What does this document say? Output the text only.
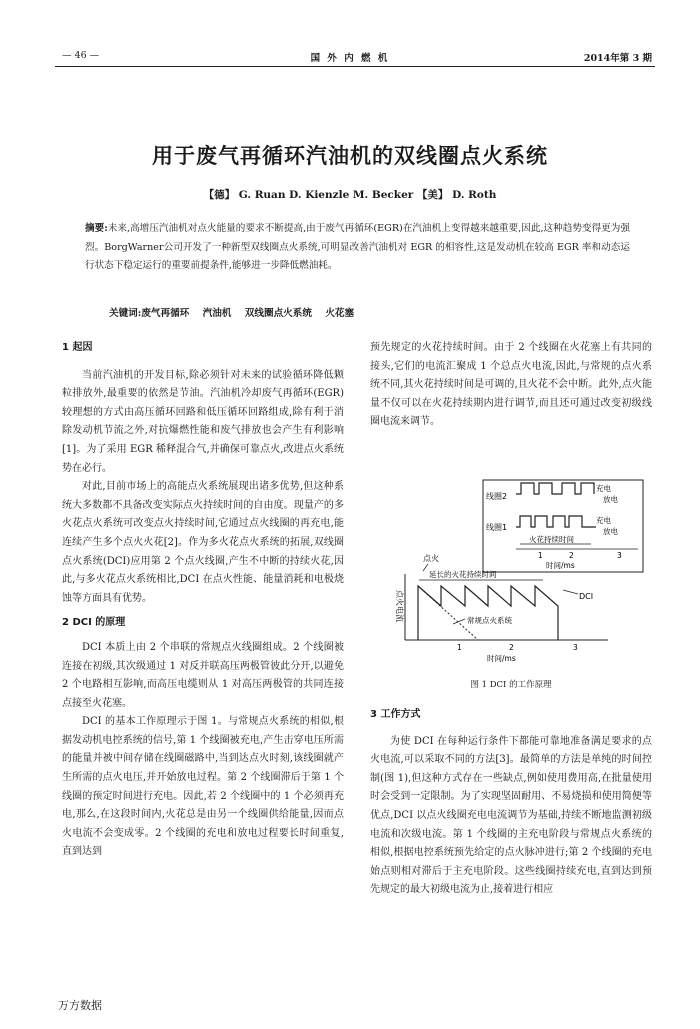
— 46 —	国 外 内 燃 机	2014年第 3 期
用于废气再循环汽油机的双线圈点火系统
【德】 G. Ruan D. Kienzle M. Becker 【美】 D. Roth
摘要:未来,高增压汽油机对点火能量的要求不断提高,由于废气再循环(EGR)在汽油机上变得越来越重要,因此,这种趋势变得更为强烈。BorgWarner公司开发了一种新型双线圈点火系统,可明显改善汽油机对 EGR 的相容性,这是发动机在较高 EGR 率和动态运行状态下稳定运行的重要前提条件,能够进一步降低燃油耗。
关键词:废气再循环    汽油机    双线圈点火系统    火花塞

1 起因

当前汽油机的开发目标,除必须针对未来的试验循环降低颗粒排放外,最重要的依然是节油。汽油机冷却废气再循环(EGR)较理想的方式由高压循环回路和低压循环回路组成,除有利于消除发动机节流之外,对抗爆燃性能和废气排放也会产生有利影响[1]。为了采用 EGR 稀释混合气,并确保可靠点火,改进点火系统势在必行。

对此,目前市场上的高能点火系统展现出诸多优势,但这种系统大多数都不具备改变实际点火持续时间的自由度。现量产的多火花点火系统可改变点火持续时间,它通过点火线圈的再充电,能连续产生多个点火火花[2]。作为多火花点火系统的拓展,双线圈点火系统(DCI)应用第 2 个点火线圈,产生不中断的持续火花,因此,与多火花点火系统相比,DCI 在点火性能、能量消耗和电极烧蚀等方面具有优势。

2 DCI 的原理

DCI 本质上由 2 个串联的常规点火线圈组成。2 个线圈被连接在初级,其次级通过 1 对反并联高压两极管彼此分开,以避免 2 个电路相互影响,而高压电缆则从 1 对高压两极管的共同连接点接至火花塞。

DCI 的基本工作原理示于图 1。与常规点火系统的相似,根据发动机电控系统的信号,第 1 个线圈被充电,产生击穿电压所需的能量并被中间存储在线圈磁路中,当到达点火时刻,该线圈就产生所需的点火电压,并开始放电过程。第 2 个线圈滞后于第 1 个线圈的预定时间进行充电。因此,若 2 个线圈中的 1 个必须再充电,那么,在这段时间内,火花总是由另一个线圈供给能量,因而点火电流不会变成零。2 个线圈的充电和放电过程要长时间重复,直到达到

预先规定的火花持续时间。由于 2 个线圈在火花塞上有共同的接头,它们的电流汇聚成 1 个总点火电流,因此,与常规的点火系统不同,其火花持续时间是可调的,且火花不会中断。此外,点火能量不仅可以在火花持续期内进行调节,而且还可通过改变初级线圈电流来调节。

线圈2
线圈1
充电
放电
充电
放电
火花持续时间
1	2	3
时间/ms
点火
延长的火花持续时间
点火电流	DCI
常规点火系统
1	2	3
时间/ms
图 1 DCI 的工作原理

3 工作方式

为使 DCI 在每种运行条件下都能可靠地准备满足要求的点火电流,可以采取不同的方法[3]。最简单的方法是单纯的时间控制(图 1),但这种方式存在一些缺点,例如使用费用高,在批量使用时会受到一定限制。为了实现坚固耐用、不易烧损和使用简便等优点,DCI 以点火线圈充电电流调节为基础,持续不断地监测初级电流和次级电流。第 1 个线圈的主充电阶段与常规点火系统的相似,根据电控系统预先给定的点火脉冲进行;第 2 个线圈的充电始点则相对滞后于主充电阶段。这些线圈持续充电,直到达到预先规定的最大初级电流为止,接着进行相应

万方数据
